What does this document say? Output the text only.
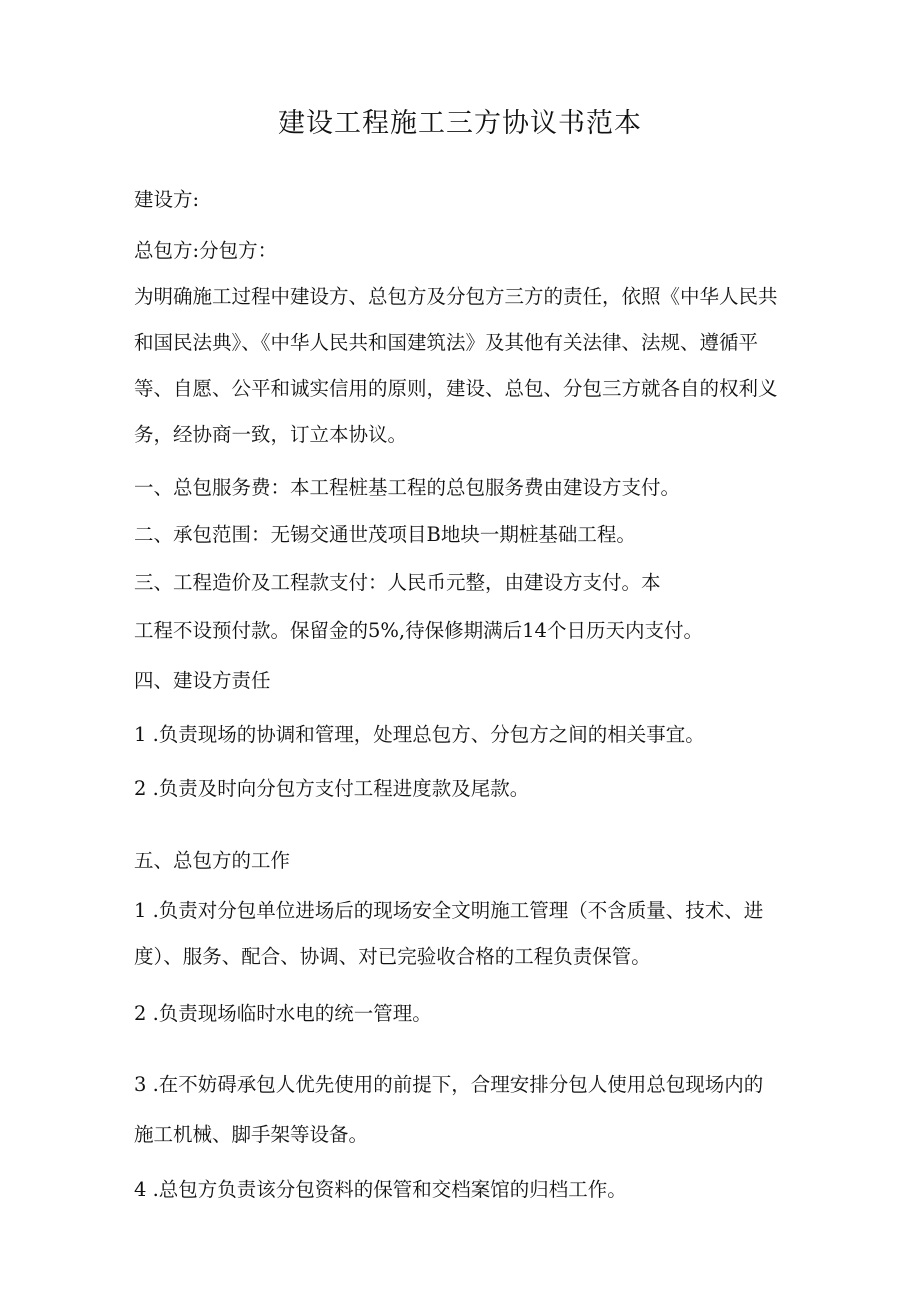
建设工程施工三方协议书范本

建设方:

总包方:分包方：

为明确施工过程中建设方、总包方及分包方三方的责任，依照《中华人民共

和国民法典》、《中华人民共和国建筑法》及其他有关法律、法规、遵循平

等、自愿、公平和诚实信用的原则，建设、总包、分包三方就各自的权利义

务，经协商一致，订立本协议。

一、总包服务费：本工程桩基工程的总包服务费由建设方支付。

二、承包范围：无锡交通世茂项目B地块一期桩基础工程。

三、工程造价及工程款支付：人民币元整，由建设方支付。本

工程不设预付款。保留金的5%,待保修期满后14个日历天内支付。

四、建设方责任

1 .负责现场的协调和管理，处理总包方、分包方之间的相关事宜。

2 .负责及时向分包方支付工程进度款及尾款。

五、总包方的工作

1 .负责对分包单位进场后的现场安全文明施工管理（不含质量、技术、进

度）、服务、配合、协调、对已完验收合格的工程负责保管。

2 .负责现场临时水电的统一管理。

3 .在不妨碍承包人优先使用的前提下，合理安排分包人使用总包现场内的

施工机械、脚手架等设备。

4 .总包方负责该分包资料的保管和交档案馆的归档工作。
